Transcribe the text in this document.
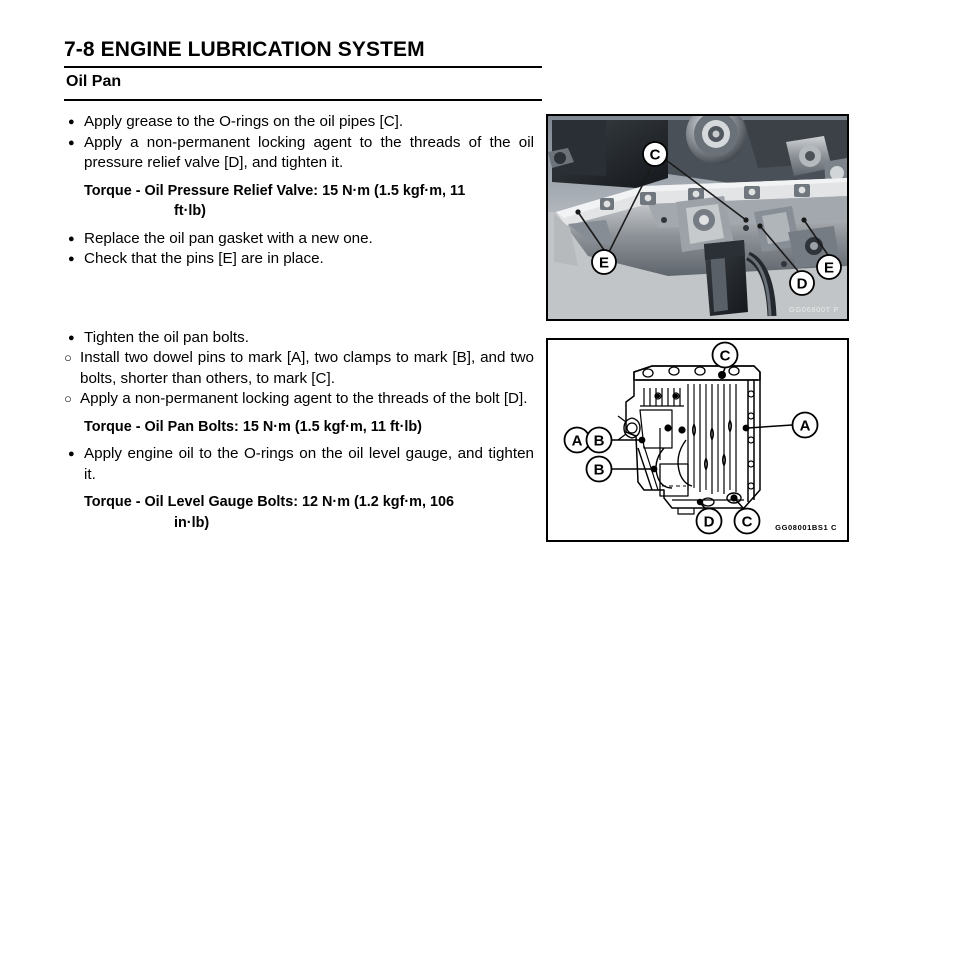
7-8 ENGINE LUBRICATION SYSTEM
Oil Pan
● Apply grease to the O-rings on the oil pipes [C].
● Apply a non-permanent locking agent to the threads of the oil pressure relief valve [D], and tighten it.
Torque - Oil Pressure Relief Valve: 15 N·m (1.5 kgf·m, 11
ft·lb)
● Replace the oil pan gasket with a new one.
● Check that the pins [E] are in place.
● Tighten the oil pan bolts.
○ Install two dowel pins to mark [A], two clamps to mark [B], and two bolts, shorter than others, to mark [C].
○ Apply a non-permanent locking agent to the threads of the bolt [D].
Torque - Oil Pan Bolts: 15 N·m (1.5 kgf·m, 11 ft·lb)
● Apply engine oil to the O-rings on the oil level gauge, and tighten it.
Torque - Oil Level Gauge Bolts: 12 N·m (1.2 kgf·m, 106
in·lb)
C
E
D
E
GG06800T P
C
A
A B
B
D C	GG08001BS1 C
